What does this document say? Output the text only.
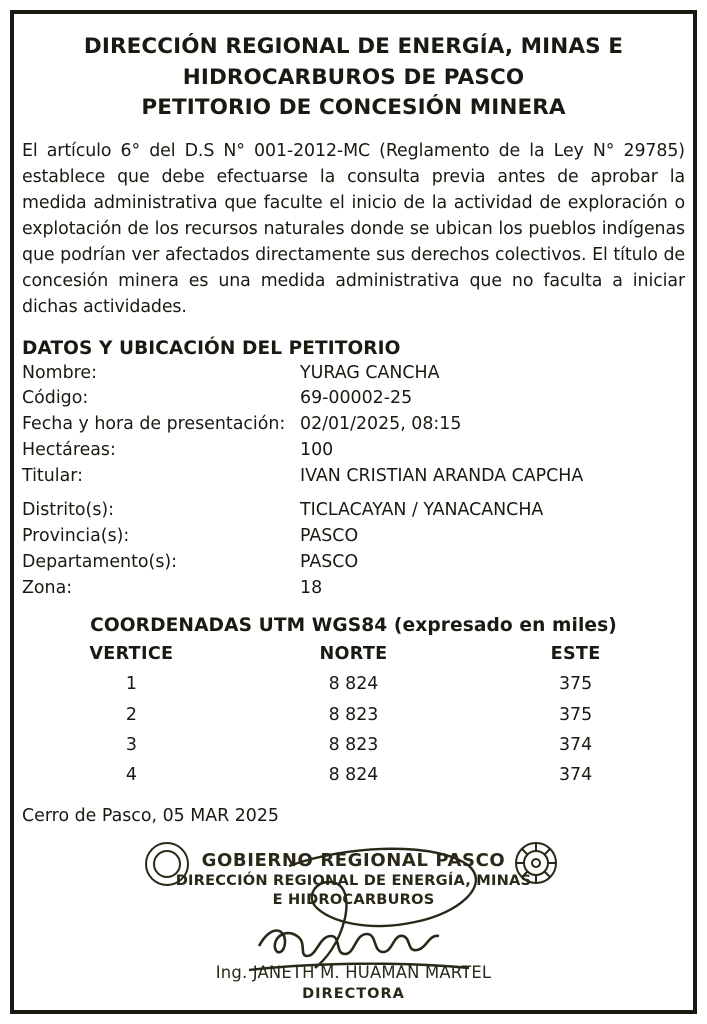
DIRECCIÓN REGIONAL DE ENERGÍA, MINAS E
HIDROCARBUROS DE PASCO
PETITORIO DE CONCESIÓN MINERA

El artículo 6° del D.S N° 001-2012-MC (Reglamento de la Ley N° 29785) establece que debe efectuarse la consulta previa antes de aprobar la medida administrativa que faculte el inicio de la actividad de exploración o explotación de los recursos naturales donde se ubican los pueblos indígenas que podrían ver afectados directamente sus derechos colectivos. El título de concesión minera es una medida administrativa que no faculta a iniciar dichas actividades.

DATOS Y UBICACIÓN DEL PETITORIO
Nombre:	YURAG CANCHA
Código:	69-00002-25
Fecha y hora de presentación:	02/01/2025, 08:15
Hectáreas:	100
Titular:	IVAN CRISTIAN ARANDA CAPCHA

Distrito(s):	TICLACAYAN / YANACANCHA
Provincia(s):	PASCO
Departamento(s):	PASCO
Zona:	18
COORDENADAS UTM WGS84 (expresado en miles)
VERTICE	NORTE	ESTE
1	8 824	375
2	8 823	375
3	8 823	374
4	8 824	374
Cerro de Pasco, 05 MAR 2025
GOBIERNO REGIONAL PASCO
DIRECCIÓN REGIONAL DE ENERGÍA, MINAS
E HIDROCARBUROS
Ing. JANETH M. HUAMAN MARTEL
DIRECTORA
